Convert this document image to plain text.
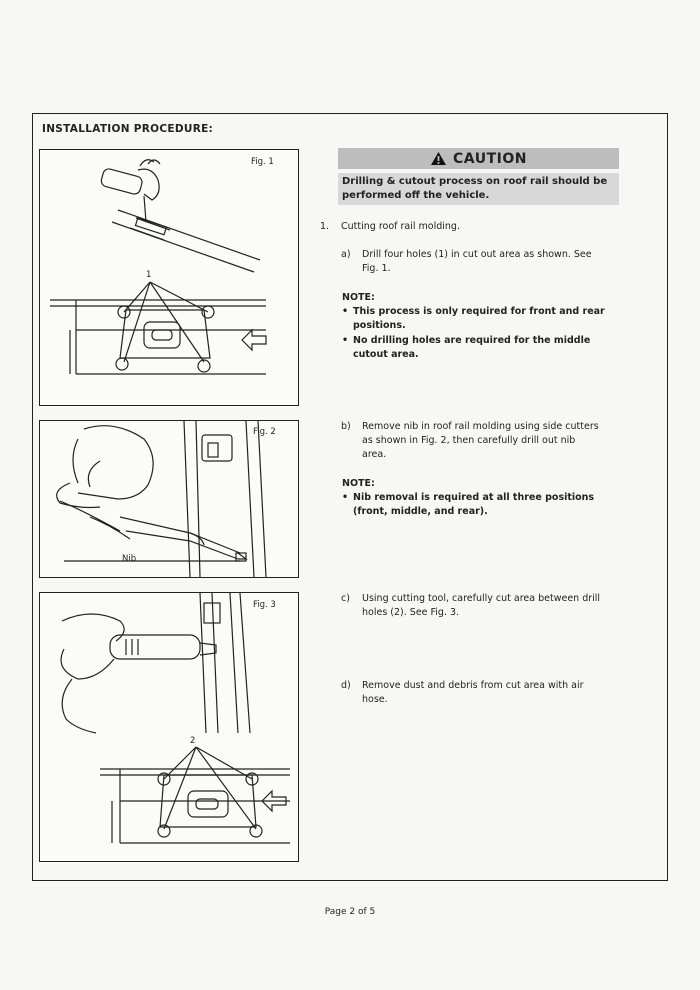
INSTALLATION PROCEDURE:
Fig. 1
1
Fig. 2
Nib
Fig. 3
2
CAUTION
Drilling & cutout process on roof rail should be
performed off the vehicle.
1. Cutting roof rail molding.
a) Drill four holes (1) in cut out area as shown. See
Fig. 1.
NOTE:
• This process is only required for front and rear
positions.
• No drilling holes are required for the middle
cutout area.
b) Remove nib in roof rail molding using side cutters
as shown in Fig. 2, then carefully drill out nib
area.
NOTE:
• Nib removal is required at all three positions
(front, middle, and rear).
c) Using cutting tool, carefully cut area between drill
holes (2). See Fig. 3.
d) Remove dust and debris from cut area with air
hose.
Page 2 of 5
